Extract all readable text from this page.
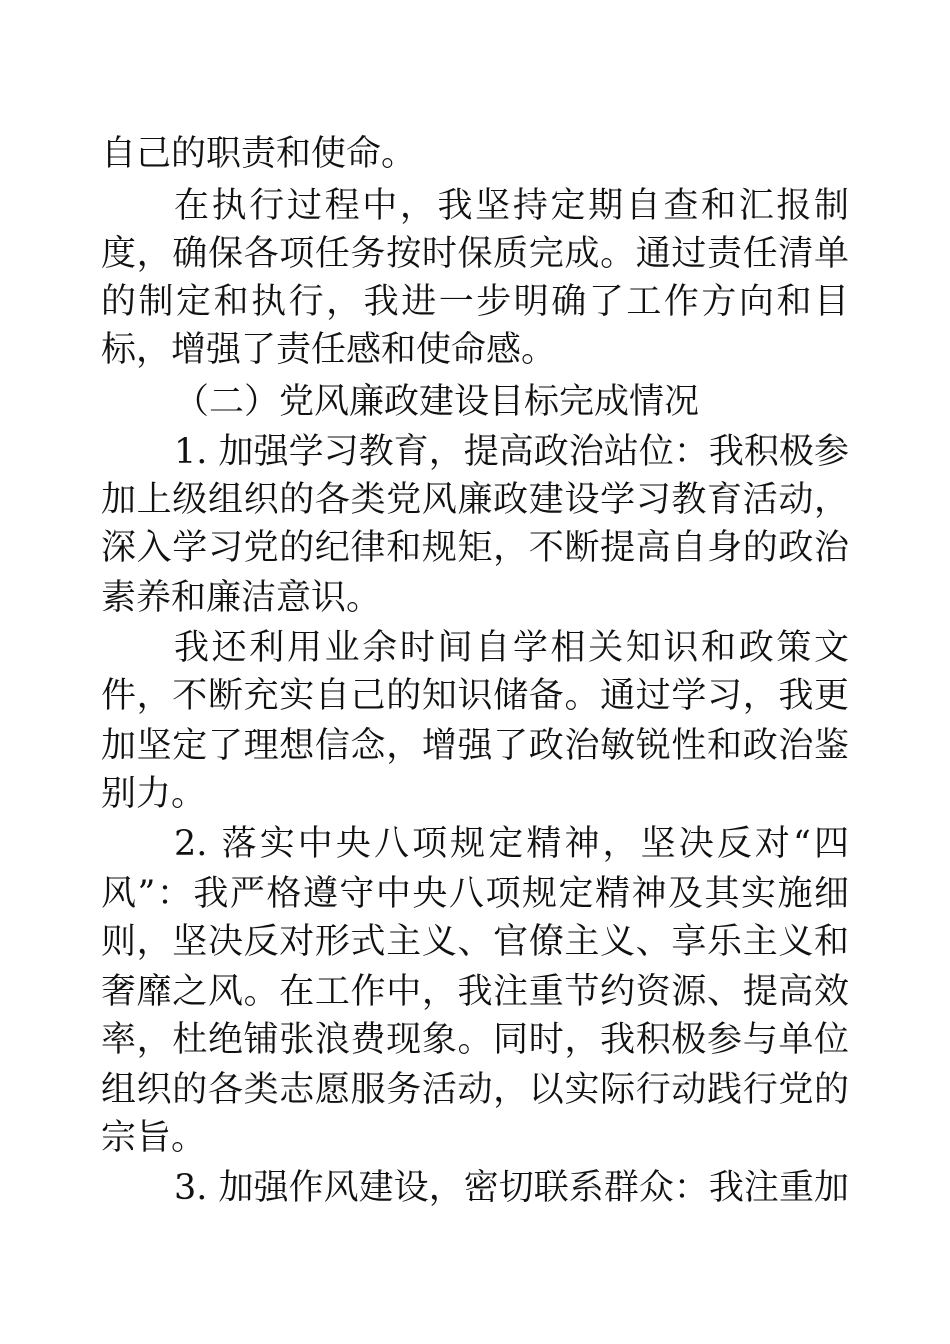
自己的职责和使命。
在执行过程中，我坚持定期自查和汇报制
度，确保各项任务按时保质完成。通过责任清单
的制定和执行，我进一步明确了工作方向和目
标，增强了责任感和使命感。
（二）党风廉政建设目标完成情况
1. 加强学习教育，提高政治站位：我积极参
加上级组织的各类党风廉政建设学习教育活动，
深入学习党的纪律和规矩，不断提高自身的政治
素养和廉洁意识。
我还利用业余时间自学相关知识和政策文
件，不断充实自己的知识储备。通过学习，我更
加坚定了理想信念，增强了政治敏锐性和政治鉴
别力。
2. 落实中央八项规定精神，坚决反对“四
风”：我严格遵守中央八项规定精神及其实施细
则，坚决反对形式主义、官僚主义、享乐主义和
奢靡之风。在工作中，我注重节约资源、提高效
率，杜绝铺张浪费现象。同时，我积极参与单位
组织的各类志愿服务活动，以实际行动践行党的
宗旨。
3. 加强作风建设，密切联系群众：我注重加
